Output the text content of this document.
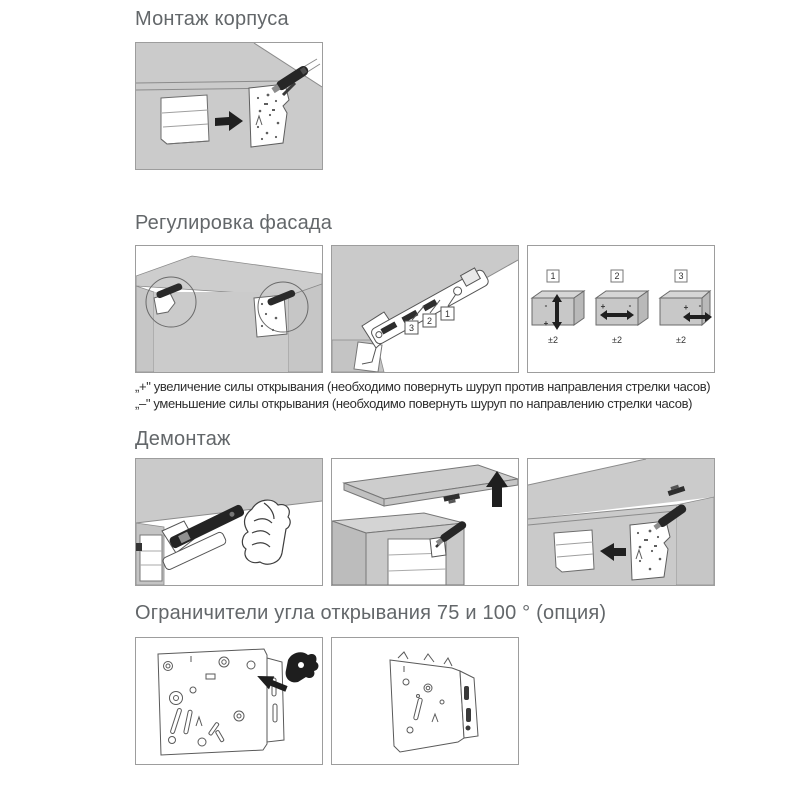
Монтаж корпуса
Регулировка фасада
3
2
1
1
-
+
±2
2
+	-
±2
3
+ -
±2
„+" увеличение силы открывания (необходимо повернуть шуруп против направления стрелки часов)
„–" уменьшение силы открывания (необходимо повернуть шуруп по направлению стрелки часов)
Демонтаж
Ограничители угла открывания 75 и 100 ° (опция)
